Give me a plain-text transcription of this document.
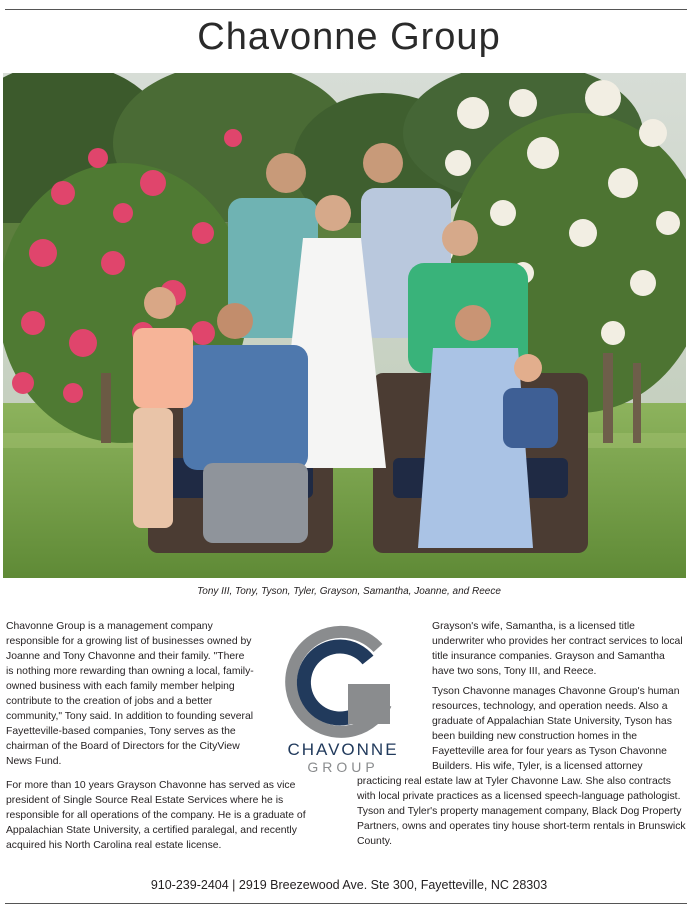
Chavonne Group
Tony III, Tony, Tyson, Tyler, Grayson, Samantha, Joanne, and Reece

Chavonne Group is a management company responsible for a growing list of businesses owned by Joanne and Tony Chavonne and their family. "There is nothing more rewarding than owning a local, family-owned business with each family member helping contribute to the creation of jobs and a better community," Tony said. In addition to founding several Fayetteville-based companies, Tony serves as the chairman of the Board of Directors for the CityView News Fund.

For more than 10 years Grayson Chavonne has served as vice president of Single Source Real Estate Services where he is responsible for all operations of the company. He is a graduate of Appalachian State University, a certified paralegal, and recently acquired his North Carolina real estate license.

CHAVONNE
GROUP

Grayson's wife, Samantha, is a licensed title underwriter who provides her contract services to local title insurance companies. Grayson and Samantha have two sons, Tony III, and Reece.

Tyson Chavonne manages Chavonne Group's human resources, technology, and operation needs. Also a graduate of Appalachian State University, Tyson has been building new construction homes in the Fayetteville area for four years as Tyson Chavonne Builders. His wife, Tyler, is a licensed attorney

910-239-2404 | 2919 Breezewood Ave. Ste 300, Fayetteville, NC 28303
practicing real estate law at Tyler Chavonne Law. She also contracts with local private practices as a licensed speech-language pathologist. Tyson and Tyler's property management company, Black Dog Property Partners, owns and operates tiny house short-term rentals in Brunswick County.
